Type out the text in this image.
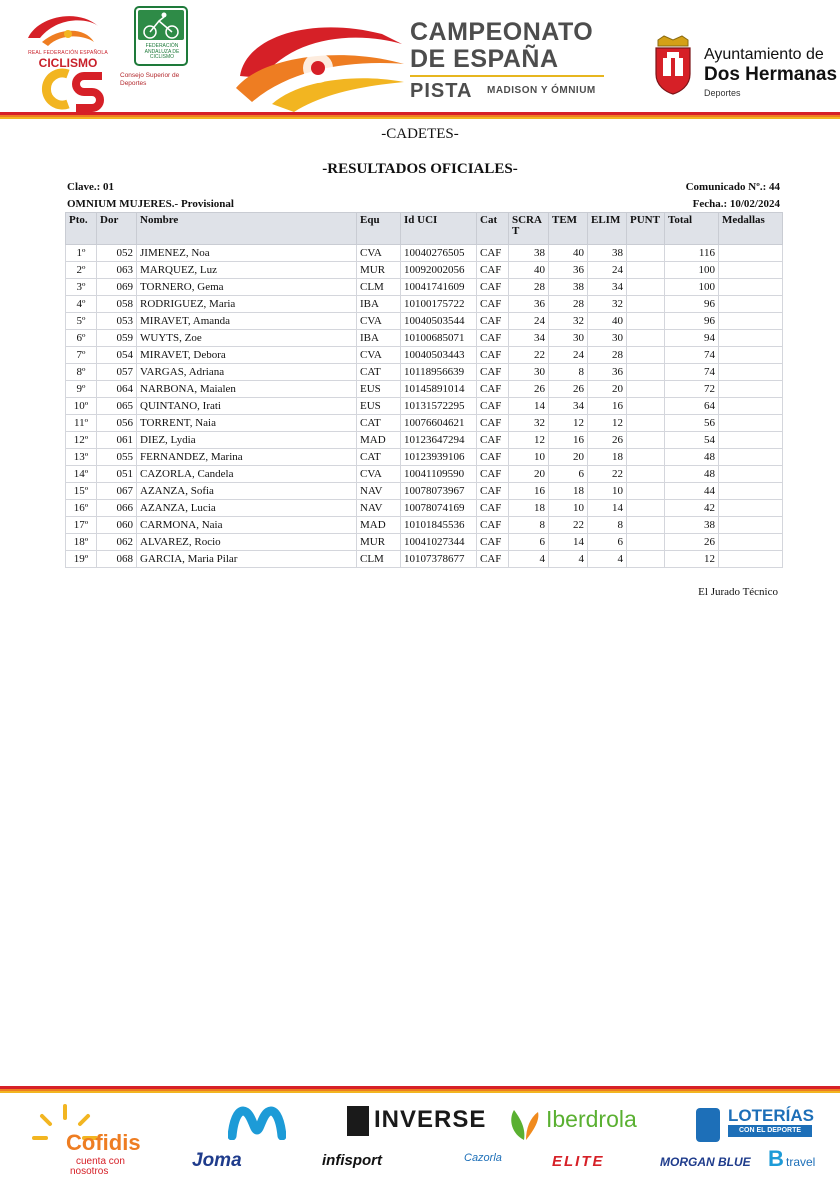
REAL FEDERACIÓN ESPAÑOLA
CICLISMO
FEDERACIÓN ANDALUZA DE CICLISMO
Consejo Superior de Deportes
CAMPEONATO
DE ESPAÑA
PISTA MADISON Y ÓMNIUM
Ayuntamiento de
Dos Hermanas
Deportes
-CADETES-
-RESULTADOS OFICIALES-
Clave.: 01	Comunicado Nº.: 44
OMNIUM MUJERES.- Provisional	Fecha.: 10/02/2024
Pto.	Dor	Nombre	Equ	Id UCI	Cat	SCRA T	TEM	ELIM	PUNT	Total	Medallas
1º	052	JIMENEZ, Noa	CVA	10040276505	CAF	38	40	38		116	
2º	063	MARQUEZ, Luz	MUR	10092002056	CAF	40	36	24		100	
3º	069	TORNERO, Gema	CLM	10041741609	CAF	28	38	34		100	
4º	058	RODRIGUEZ, Maria	IBA	10100175722	CAF	36	28	32		96	
5º	053	MIRAVET, Amanda	CVA	10040503544	CAF	24	32	40		96	
6º	059	WUYTS, Zoe	IBA	10100685071	CAF	34	30	30		94	
7º	054	MIRAVET, Debora	CVA	10040503443	CAF	22	24	28		74	
8º	057	VARGAS, Adriana	CAT	10118956639	CAF	30	8	36		74	
9º	064	NARBONA, Maialen	EUS	10145891014	CAF	26	26	20		72	
10º	065	QUINTANO, Irati	EUS	10131572295	CAF	14	34	16		64	
11º	056	TORRENT, Naia	CAT	10076604621	CAF	32	12	12		56	
12º	061	DIEZ, Lydia	MAD	10123647294	CAF	12	16	26		54	
13º	055	FERNANDEZ, Marina	CAT	10123939106	CAF	10	20	18		48	
14º	051	CAZORLA, Candela	CVA	10041109590	CAF	20	6	22		48	
15º	067	AZANZA, Sofia	NAV	10078073967	CAF	16	18	10		44	
16º	066	AZANZA, Lucia	NAV	10078074169	CAF	18	10	14		42	
17º	060	CARMONA, Naia	MAD	10101845536	CAF	8	22	8		38	
18º	062	ALVAREZ, Rocio	MUR	10041027344	CAF	6	14	6		26	
19º	068	GARCIA, Maria Pilar	CLM	10107378677	CAF	4	4	4		12	
El Jurado Técnico
Cofidis
cuenta con
nosotros
Joma
INVERSE
infisport	Cazorla
Iberdrola
ELITE
LOTERÍAS
CON EL DEPORTE
MORGAN BLUE B travel
